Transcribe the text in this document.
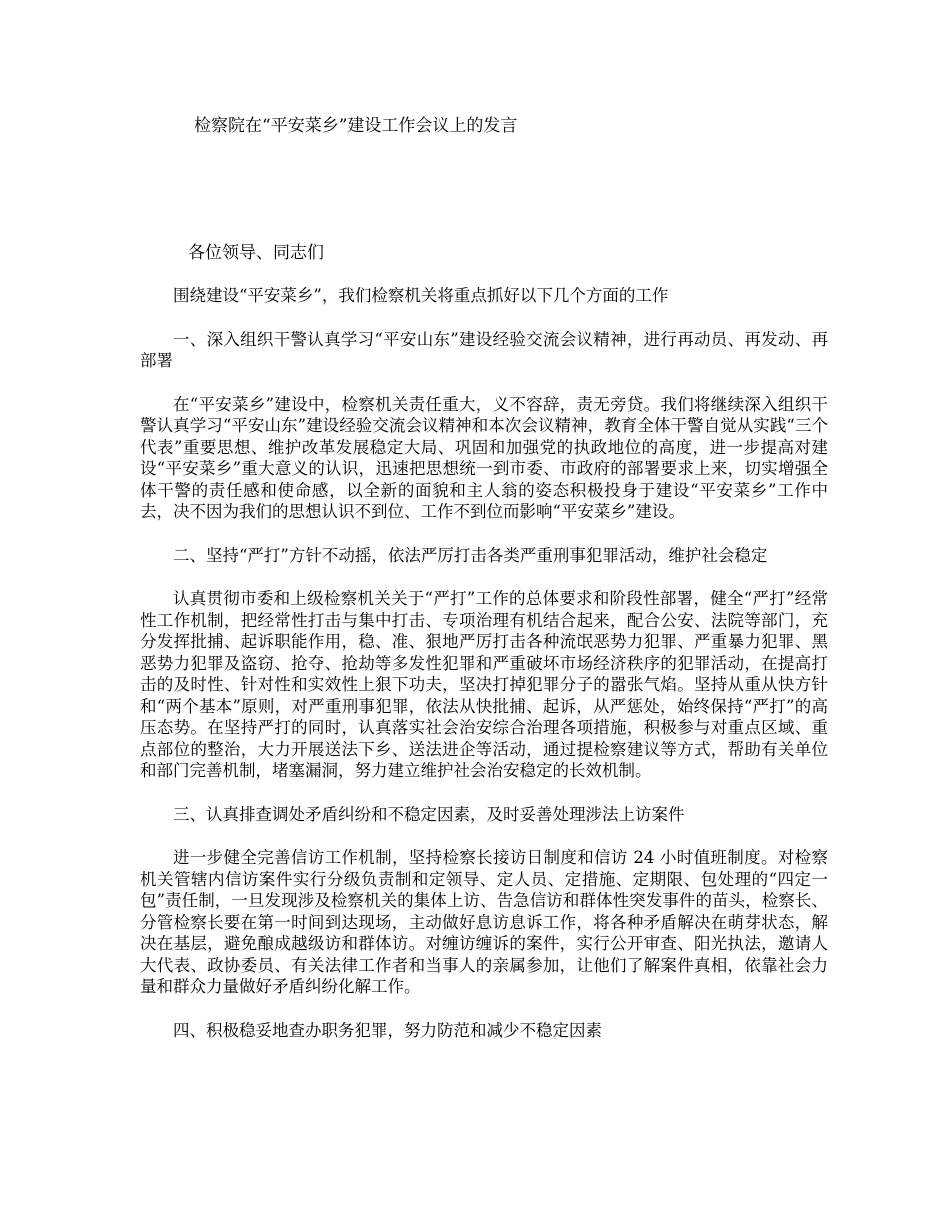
检察院在“平安菜乡”建设工作会议上的发言
各位领导、同志们

围绕建设“平安菜乡”，我们检察机关将重点抓好以下几个方面的工作

一、深入组织干警认真学习“平安山东”建设经验交流会议精神，进行再动员、再发动、再部署

在“平安菜乡”建设中，检察机关责任重大，义不容辞，责无旁贷。我们将继续深入组织干警认真学习“平安山东”建设经验交流会议精神和本次会议精神，教育全体干警自觉从实践“三个代表”重要思想、维护改革发展稳定大局、巩固和加强党的执政地位的高度，进一步提高对建设“平安菜乡”重大意义的认识，迅速把思想统一到市委、市政府的部署要求上来，切实增强全体干警的责任感和使命感，以全新的面貌和主人翁的姿态积极投身于建设“平安菜乡”工作中去，决不因为我们的思想认识不到位、工作不到位而影响“平安菜乡”建设。

二、坚持“严打”方针不动摇，依法严厉打击各类严重刑事犯罪活动，维护社会稳定

认真贯彻市委和上级检察机关关于“严打”工作的总体要求和阶段性部署，健全“严打”经常性工作机制，把经常性打击与集中打击、专项治理有机结合起来，配合公安、法院等部门，充分发挥批捕、起诉职能作用，稳、准、狠地严厉打击各种流氓恶势力犯罪、严重暴力犯罪、黑恶势力犯罪及盗窃、抢夺、抢劫等多发性犯罪和严重破坏市场经济秩序的犯罪活动，在提高打击的及时性、针对性和实效性上狠下功夫，坚决打掉犯罪分子的嚣张气焰。坚持从重从快方针和“两个基本”原则，对严重刑事犯罪，依法从快批捕、起诉，从严惩处，始终保持“严打”的高压态势。在坚持严打的同时，认真落实社会治安综合治理各项措施，积极参与对重点区域、重点部位的整治，大力开展送法下乡、送法进企等活动，通过提检察建议等方式，帮助有关单位和部门完善机制，堵塞漏洞，努力建立维护社会治安稳定的长效机制。

三、认真排查调处矛盾纠纷和不稳定因素，及时妥善处理涉法上访案件

进一步健全完善信访工作机制，坚持检察长接访日制度和信访 24 小时值班制度。对检察机关管辖内信访案件实行分级负责制和定领导、定人员、定措施、定期限、包处理的“四定一包”责任制，一旦发现涉及检察机关的集体上访、告急信访和群体性突发事件的苗头，检察长、分管检察长要在第一时间到达现场，主动做好息访息诉工作，将各种矛盾解决在萌芽状态，解决在基层，避免酿成越级访和群体访。对缠访缠诉的案件，实行公开审查、阳光执法，邀请人大代表、政协委员、有关法律工作者和当事人的亲属参加，让他们了解案件真相，依靠社会力量和群众力量做好矛盾纠纷化解工作。

四、积极稳妥地查办职务犯罪，努力防范和减少不稳定因素
